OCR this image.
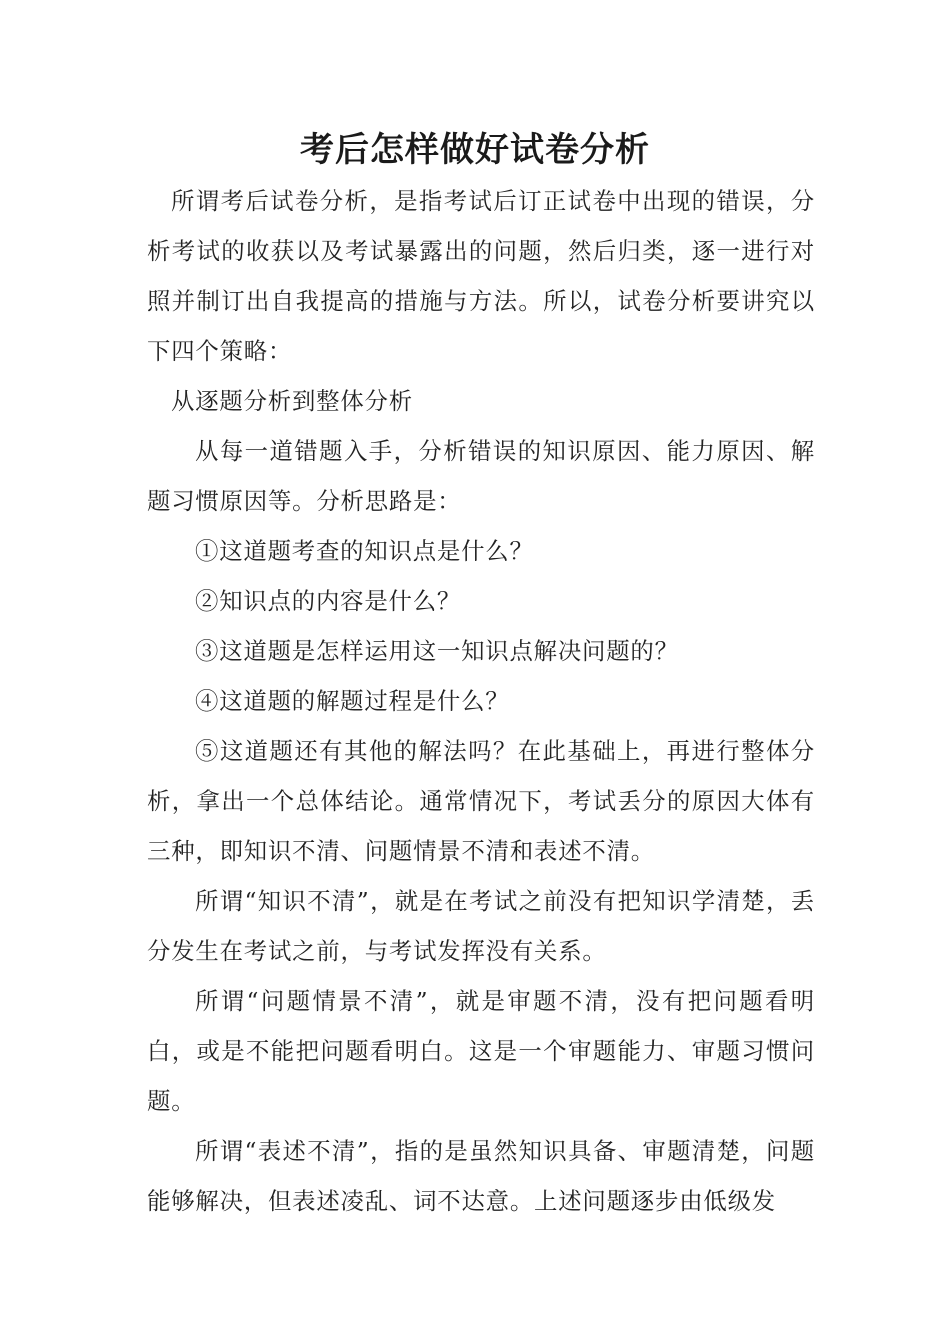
考后怎样做好试卷分析

所谓考后试卷分析，是指考试后订正试卷中出现的错误，分析考试的收获以及考试暴露出的问题，然后归类，逐一进行对照并制订出自我提高的措施与方法。所以，试卷分析要讲究以下四个策略：

从逐题分析到整体分析

从每一道错题入手，分析错误的知识原因、能力原因、解题习惯原因等。分析思路是：

①这道题考查的知识点是什么？

②知识点的内容是什么？

③这道题是怎样运用这一知识点解决问题的？

④这道题的解题过程是什么？

⑤这道题还有其他的解法吗？在此基础上，再进行整体分析，拿出一个总体结论。通常情况下，考试丢分的原因大体有三种，即知识不清、问题情景不清和表述不清。

所谓“知识不清”，就是在考试之前没有把知识学清楚，丢分发生在考试之前，与考试发挥没有关系。

所谓“问题情景不清”，就是审题不清，没有把问题看明白，或是不能把问题看明白。这是一个审题能力、审题习惯问题。

所谓“表述不清”，指的是虽然知识具备、审题清楚，问题能够解决，但表述凌乱、词不达意。上述问题逐步由低级发
